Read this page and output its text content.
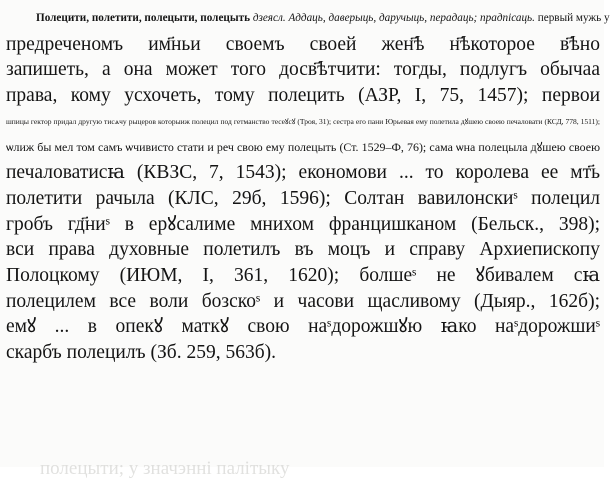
Полецити, полетити, полецыти, полецыть дзеясл. Аддаць, даверыць, даручыць, перадаць; прадпісаць. первый мужь у
предреченомъ им҃ньи своемъ своей жен҃ѣ н҃ѣкоторое в҃ѣно
запишеть, а она может того досв҃ѣтчити: тогды, подлугъ обычаа
права, кому усхочеть, тому полецить (АЗР, I, 75, 1457); первои
шпицы гектор придал другую тисѧчу рыцеров которыиж полецил под гетманство тесеꙋсꙋ (Троя, 31); сестра его пани Юрьевая ему полетила дꙋшею своею печаловати (КСД, 778, 1511);
ѡлиж бы мел том самъ ѡчивисто стати и реч свою ему полецыть (Ст. 1529–Ф, 76); сама ѡна полецыла дꙋшею своею
печаловатисꙗ (КВЗС, 7, 1543); економови ... то королева ее мт҃ь
полетити рачыла (КЛС, 29б, 1596); Солтан вавилонскиˢ полецил
гробъ гд҃ниˢ в ерꙋсалиме мнихом францишканом (Бельск., 398);
вси права духовные полетилъ въ моцъ и справу Архиепископу
Полоцкому (ИЮМ, I, 361, 1620); болшеˢ не ꙋбивалем сꙗ
полецилем все воли бозскоˢ и часови щасливому (Дыяр., 162б);
емꙋ ... в опекꙋ маткꙋ свою наˢдорожшꙋю ꙗко наˢдорожшиˢ
скарбъ полецилъ (Зб. 259, 563б).
полецыти; у значэнні палітыку
